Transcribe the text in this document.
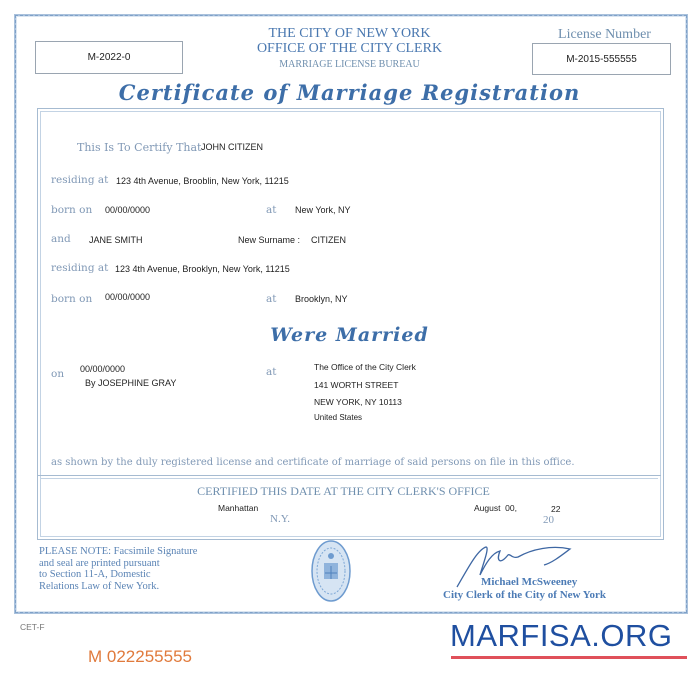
M-2022-0
THE CITY OF NEW YORK
OFFICE OF THE CITY CLERK
MARRIAGE LICENSE BUREAU
License Number
M-2015-555555
Certificate of Marriage Registration
This Is To Certify That JOHN CITIZEN
residing at 123 4th Avenue, Brooblin, New York, 11215
born on 00/00/0000	at New York, NY
and JANE SMITH	New Surname : CITIZEN
residing at 123 4th Avenue, Brooklyn, New York, 11215
born on 00/00/0000	at Brooklyn, NY
Were Married
on 00/00/0000
By JOSEPHINE GRAY
at	The Office of the City Clerk
141 WORTH STREET
NEW YORK, NY 10113
United States
as shown by the duly registered license and certificate of marriage of said persons on file in this office.
CERTIFIED THIS DATE AT THE CITY CLERK'S OFFICE
Manhattan
N.Y.
August  00,	22
20
PLEASE NOTE: Facsimile Signature
and seal are printed pursuant
to Section 11-A, Domestic
Relations Law of New York.	Michael McSweeney
City Clerk of the City of New York
CET-F
M 022255555
MARFISA.ORG
